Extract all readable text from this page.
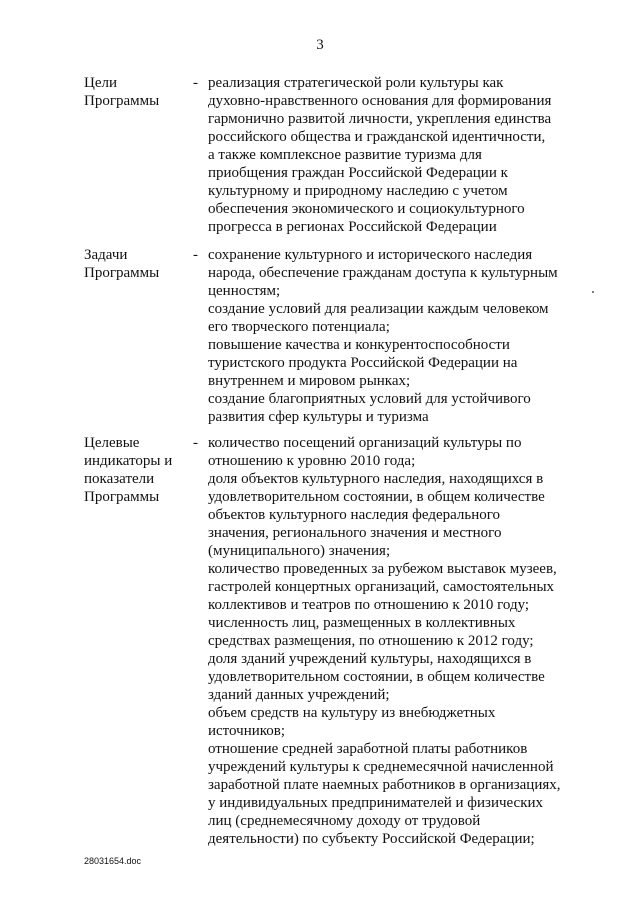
3
Цели
Программы
- реализация стратегической роли культуры как
духовно-нравственного основания для формирования
гармонично развитой личности, укрепления единства
российского общества и гражданской идентичности,
а также комплексное развитие туризма для
приобщения граждан Российской Федерации к
культурному и природному наследию с учетом
обеспечения экономического и социокультурного
прогресса в регионах Российской Федерации
Задачи
Программы
- сохранение культурного и исторического наследия
народа, обеспечение гражданам доступа к культурным
ценностям;
создание условий для реализации каждым человеком
его творческого потенциала;
повышение качества и конкурентоспособности
туристского продукта Российской Федерации на
внутреннем и мировом рынках;
создание благоприятных условий для устойчивого
развития сфер культуры и туризма
Целевые
индикаторы и
показатели
Программы
- количество посещений организаций культуры по
отношению к уровню 2010 года;
доля объектов культурного наследия, находящихся в
удовлетворительном состоянии, в общем количестве
объектов культурного наследия федерального
значения, регионального значения и местного
(муниципального) значения;
количество проведенных за рубежом выставок музеев,
гастролей концертных организаций, самостоятельных
коллективов и театров по отношению к 2010 году;
численность лиц, размещенных в коллективных
средствах размещения, по отношению к 2012 году;
доля зданий учреждений культуры, находящихся в
удовлетворительном состоянии, в общем количестве
зданий данных учреждений;
объем средств на культуру из внебюджетных
источников;
отношение средней заработной платы работников
учреждений культуры к среднемесячной начисленной
заработной плате наемных работников в организациях,
у индивидуальных предпринимателей и физических
лиц (среднемесячному доходу от трудовой
деятельности) по субъекту Российской Федерации;
28031654.doc
